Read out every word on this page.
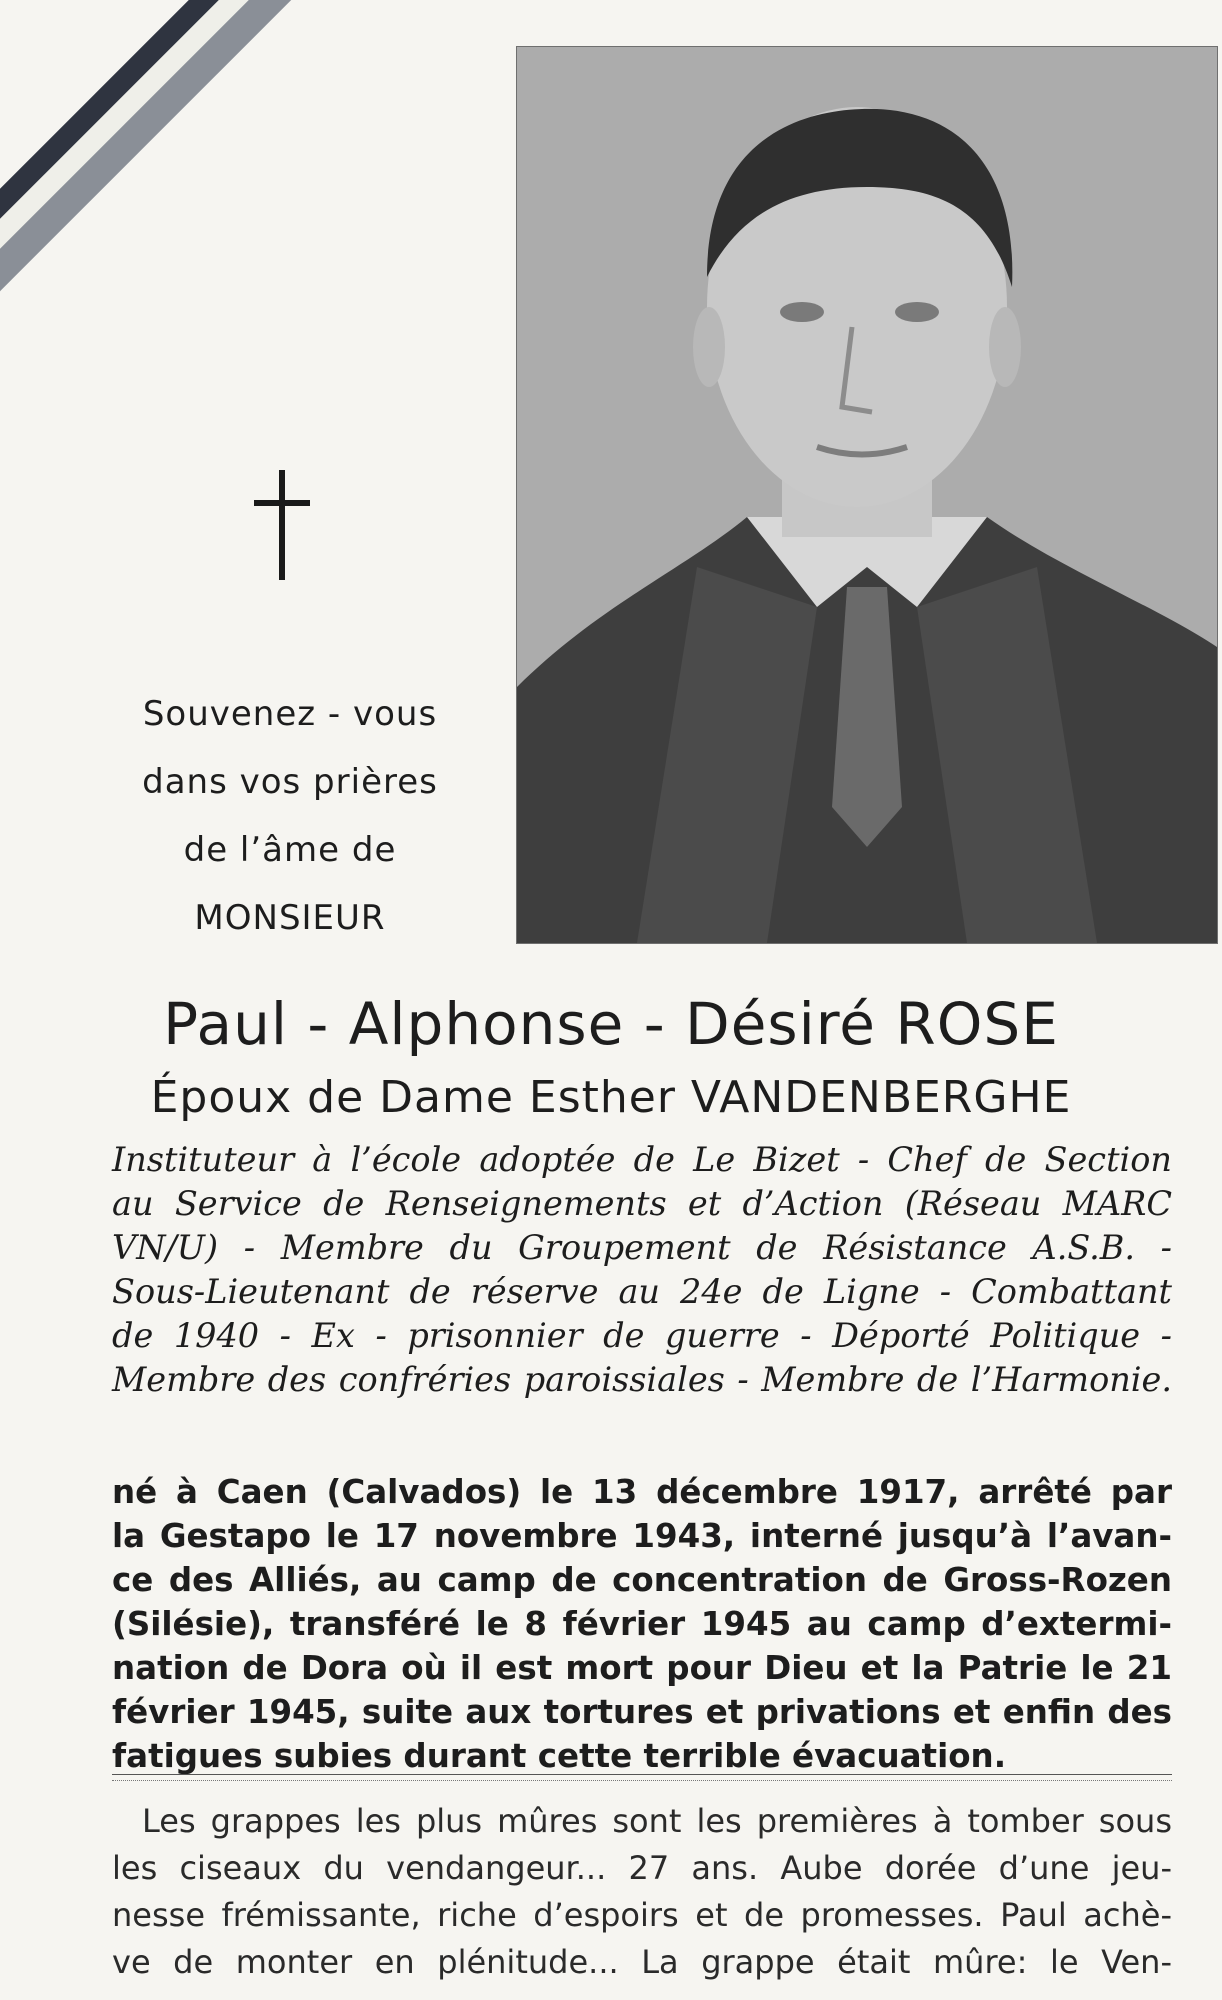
Souvenez - vous
dans vos prières
de l’âme de
MONSIEUR
Paul - Alphonse - Désiré ROSE
Époux de Dame Esther VANDENBERGHE
Instituteur à l’école adoptée de Le Bizet - Chef de Section
au Service de Renseignements et d’Action (Réseau MARC
VN/U) - Membre du Groupement de Résistance A.S.B. -
Sous-Lieutenant de réserve au 24e de Ligne - Combattant
de 1940 - Ex - prisonnier de guerre - Déporté Politique -
Membre des confréries paroissiales - Membre de l’Harmonie.
né à Caen (Calvados) le 13 décembre 1917, arrêté par
la Gestapo le 17 novembre 1943, interné jusqu’à l’avan-
ce des Alliés, au camp de concentration de Gross-Rozen
(Silésie), transféré le 8 février 1945 au camp d’extermi-
nation de Dora où il est mort pour Dieu et la Patrie le 21
février 1945, suite aux tortures et privations et enfin des
fatigues subies durant cette terrible évacuation.
Les grappes les plus mûres sont les premières à tomber sous
les ciseaux du vendangeur... 27 ans. Aube dorée d’une jeu-
nesse frémissante, riche d’espoirs et de promesses. Paul achè-
ve de monter en plénitude... La grappe était mûre: le Ven-
